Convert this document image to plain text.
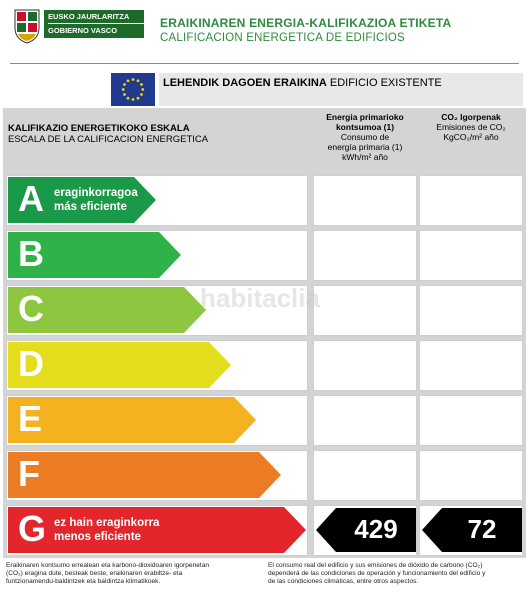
EUSKO JAURLARITZA
GOBIERNO VASCO
ERAIKINAREN ENERGIA-KALIFIKAZIOA ETIKETA
CALIFICACION ENERGETICA DE EDIFICIOS
LEHENDIK DAGOEN ERAIKINA EDIFICIO EXISTENTE
KALIFIKAZIO ENERGETIKOKO ESKALA
ESCALA DE LA CALIFICACION ENERGETICA
Energia primarioko
kontsumoa (1)
Consumo de
energía primaria (1)
kWh/m² año
CO₂ Igorpenak
Emisiones de CO₂
KgCO₂/m² año
A eraginkorragoa
más eficiente
B
C
D
E
F
G ez hain eraginkorra
menos eficiente	429	72
habitaclia
Eraikinaren kontsumo errealean eta karbono-dioxidoaren igorpenetan
(CO₂) eragina dute, besteak beste, eraikinaren erabiltze- eta
funtzionamendu-baldintzek eta baldintza klimatikoek.
El consumo real del edificio y sus emisiones de dióxido de carbono (CO₂)
dependerá de las condiciones de operación y funcionamiento del edificio y
de las condiciones climáticas, entre otros aspectos.
